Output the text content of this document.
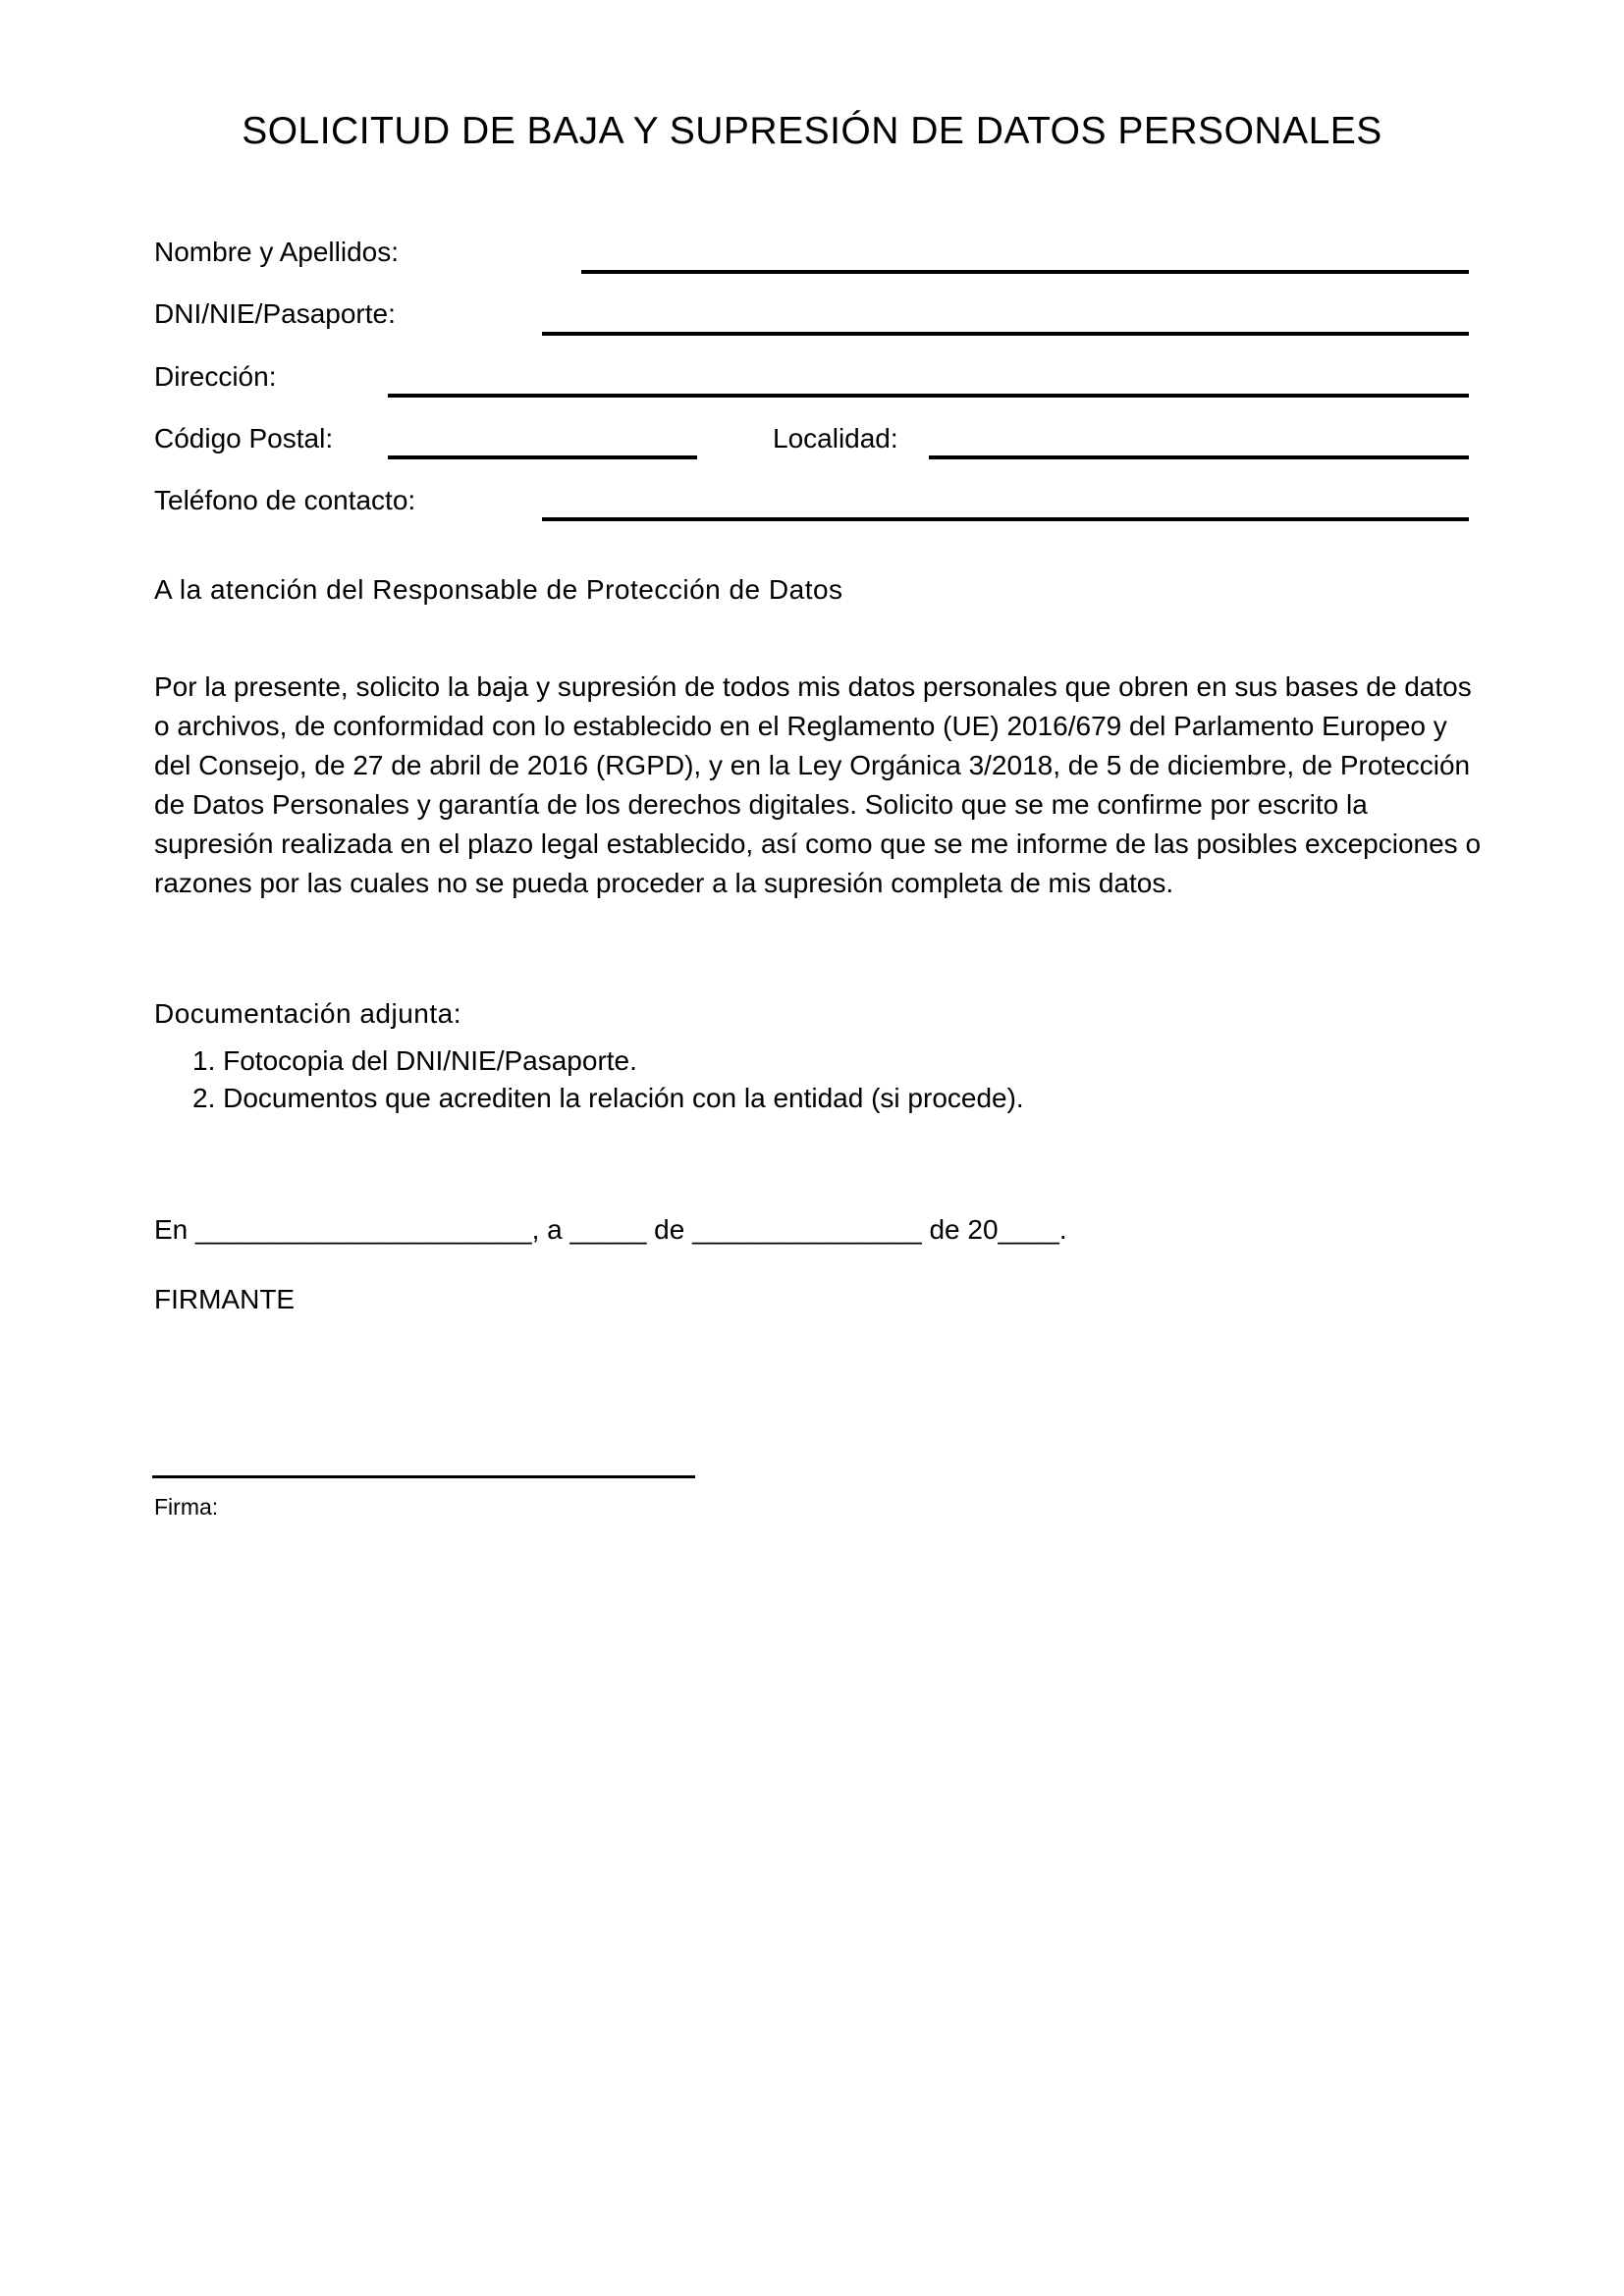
SOLICITUD DE BAJA Y SUPRESIÓN DE DATOS PERSONALES
Nombre y Apellidos:
DNI/NIE/Pasaporte:
Dirección:
Código Postal:	Localidad:
Teléfono de contacto:
A la atención del Responsable de Protección de Datos
Por la presente, solicito la baja y supresión de todos mis datos personales que obren en sus bases de datos o archivos, de conformidad con lo establecido en el Reglamento (UE) 2016/679 del Parlamento Europeo y del Consejo, de 27 de abril de 2016 (RGPD), y en la Ley Orgánica 3/2018, de 5 de diciembre, de Protección de Datos Personales y garantía de los derechos digitales. Solicito que se me confirme por escrito la supresión realizada en el plazo legal establecido, así como que se me informe de las posibles excepciones o razones por las cuales no se pueda proceder a la supresión completa de mis datos.
Documentación adjunta:
1. Fotocopia del DNI/NIE/Pasaporte.
2. Documentos que acrediten la relación con la entidad (si procede).
En ______________________, a _____ de _______________ de 20____.
FIRMANTE
Firma:
